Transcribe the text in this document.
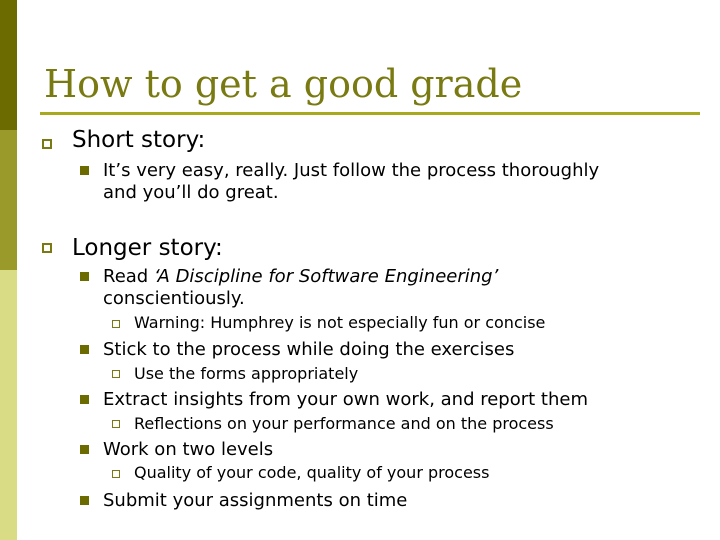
How to get a good grade
Short story:
It’s very easy, really. Just follow the process thoroughly
and you’ll do great.
Longer story:
Read ‘A Discipline for Software Engineering’
conscientiously.
Warning: Humphrey is not especially fun or concise
Stick to the process while doing the exercises
Use the forms appropriately
Extract insights from your own work, and report them
Reflections on your performance and on the process
Work on two levels
Quality of your code, quality of your process
Submit your assignments on time
